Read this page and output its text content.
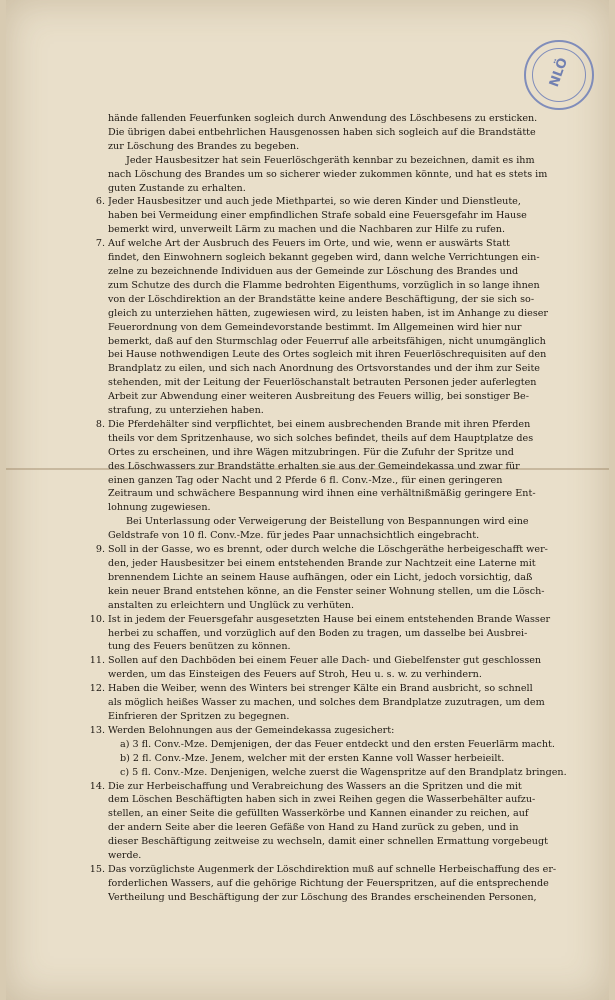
NLÖ
hände fallenden Feuerfunken sogleich durch Anwendung des Löschbesens zu ersticken.
Die übrigen dabei entbehrlichen Hausgenossen haben sich sogleich auf die Brandstätte
zur Löschung des Brandes zu begeben.
Jeder Hausbesitzer hat sein Feuerlöschgeräth kennbar zu bezeichnen, damit es ihm
nach Löschung des Brandes um so sicherer wieder zukommen könnte, und hat es stets im
guten Zustande zu erhalten.
6. Jeder Hausbesitzer und auch jede Miethpartei, so wie deren Kinder und Dienstleute,
haben bei Vermeidung einer empfindlichen Strafe sobald eine Feuersgefahr im Hause
bemerkt wird, unverweilt Lärm zu machen und die Nachbaren zur Hilfe zu rufen.
7. Auf welche Art der Ausbruch des Feuers im Orte, und wie, wenn er auswärts Statt
findet, den Einwohnern sogleich bekannt gegeben wird, dann welche Verrichtungen ein-
zelne zu bezeichnende Individuen aus der Gemeinde zur Löschung des Brandes und
zum Schutze des durch die Flamme bedrohten Eigenthums, vorzüglich in so lange ihnen
von der Löschdirektion an der Brandstätte keine andere Beschäftigung, der sie sich so-
gleich zu unterziehen hätten, zugewiesen wird, zu leisten haben, ist im Anhange zu dieser
Feuerordnung von dem Gemeindevorstande bestimmt. Im Allgemeinen wird hier nur
bemerkt, daß auf den Sturmschlag oder Feuerruf alle arbeitsfähigen, nicht unumgänglich
bei Hause nothwendigen Leute des Ortes sogleich mit ihren Feuerlöschrequisiten auf den
Brandplatz zu eilen, und sich nach Anordnung des Ortsvorstandes und der ihm zur Seite
stehenden, mit der Leitung der Feuerlöschanstalt betrauten Personen jeder auferlegten
Arbeit zur Abwendung einer weiteren Ausbreitung des Feuers willig, bei sonstiger Be-
strafung, zu unterziehen haben.
8. Die Pferdehälter sind verpflichtet, bei einem ausbrechenden Brande mit ihren Pferden
theils vor dem Spritzenhause, wo sich solches befindet, theils auf dem Hauptplatze des
Ortes zu erscheinen, und ihre Wägen mitzubringen. Für die Zufuhr der Spritze und
des Löschwassers zur Brandstätte erhalten sie aus der Gemeindekassa und zwar für
einen ganzen Tag oder Nacht und 2 Pferde 6 fl. Conv.-Mze., für einen geringeren
Zeitraum und schwächere Bespannung wird ihnen eine verhältnißmäßig geringere Ent-
lohnung zugewiesen.
Bei Unterlassung oder Verweigerung der Beistellung von Bespannungen wird eine
Geldstrafe von 10 fl. Conv.-Mze. für jedes Paar unnachsichtlich eingebracht.
9. Soll in der Gasse, wo es brennt, oder durch welche die Löschgeräthe herbeigeschafft wer-
den, jeder Hausbesitzer bei einem entstehenden Brande zur Nachtzeit eine Laterne mit
brennendem Lichte an seinem Hause aufhängen, oder ein Licht, jedoch vorsichtig, daß
kein neuer Brand entstehen könne, an die Fenster seiner Wohnung stellen, um die Lösch-
anstalten zu erleichtern und Unglück zu verhüten.
10. Ist in jedem der Feuersgefahr ausgesetzten Hause bei einem entstehenden Brande Wasser
herbei zu schaffen, und vorzüglich auf den Boden zu tragen, um dasselbe bei Ausbrei-
tung des Feuers benützen zu können.
11. Sollen auf den Dachböden bei einem Feuer alle Dach- und Giebelfenster gut geschlossen
werden, um das Einsteigen des Feuers auf Stroh, Heu u. s. w. zu verhindern.
12. Haben die Weiber, wenn des Winters bei strenger Kälte ein Brand ausbricht, so schnell
als möglich heißes Wasser zu machen, und solches dem Brandplatze zuzutragen, um dem
Einfrieren der Spritzen zu begegnen.
13. Werden Belohnungen aus der Gemeindekassa zugesichert:
a) 3 fl. Conv.-Mze. Demjenigen, der das Feuer entdeckt und den ersten Feuerlärm macht.
b) 2 fl. Conv.-Mze. Jenem, welcher mit der ersten Kanne voll Wasser herbeieilt.
c) 5 fl. Conv.-Mze. Denjenigen, welche zuerst die Wagenspritze auf den Brandplatz bringen.
14. Die zur Herbeischaffung und Verabreichung des Wassers an die Spritzen und die mit
dem Löschen Beschäftigten haben sich in zwei Reihen gegen die Wasserbehälter aufzu-
stellen, an einer Seite die gefüllten Wasserkörbe und Kannen einander zu reichen, auf
der andern Seite aber die leeren Gefäße von Hand zu Hand zurück zu geben, und in
dieser Beschäftigung zeitweise zu wechseln, damit einer schnellen Ermattung vorgebeugt
werde.
15. Das vorzüglichste Augenmerk der Löschdirektion muß auf schnelle Herbeischaffung des er-
forderlichen Wassers, auf die gehörige Richtung der Feuerspritzen, auf die entsprechende
Vertheilung und Beschäftigung der zur Löschung des Brandes erscheinenden Personen,
